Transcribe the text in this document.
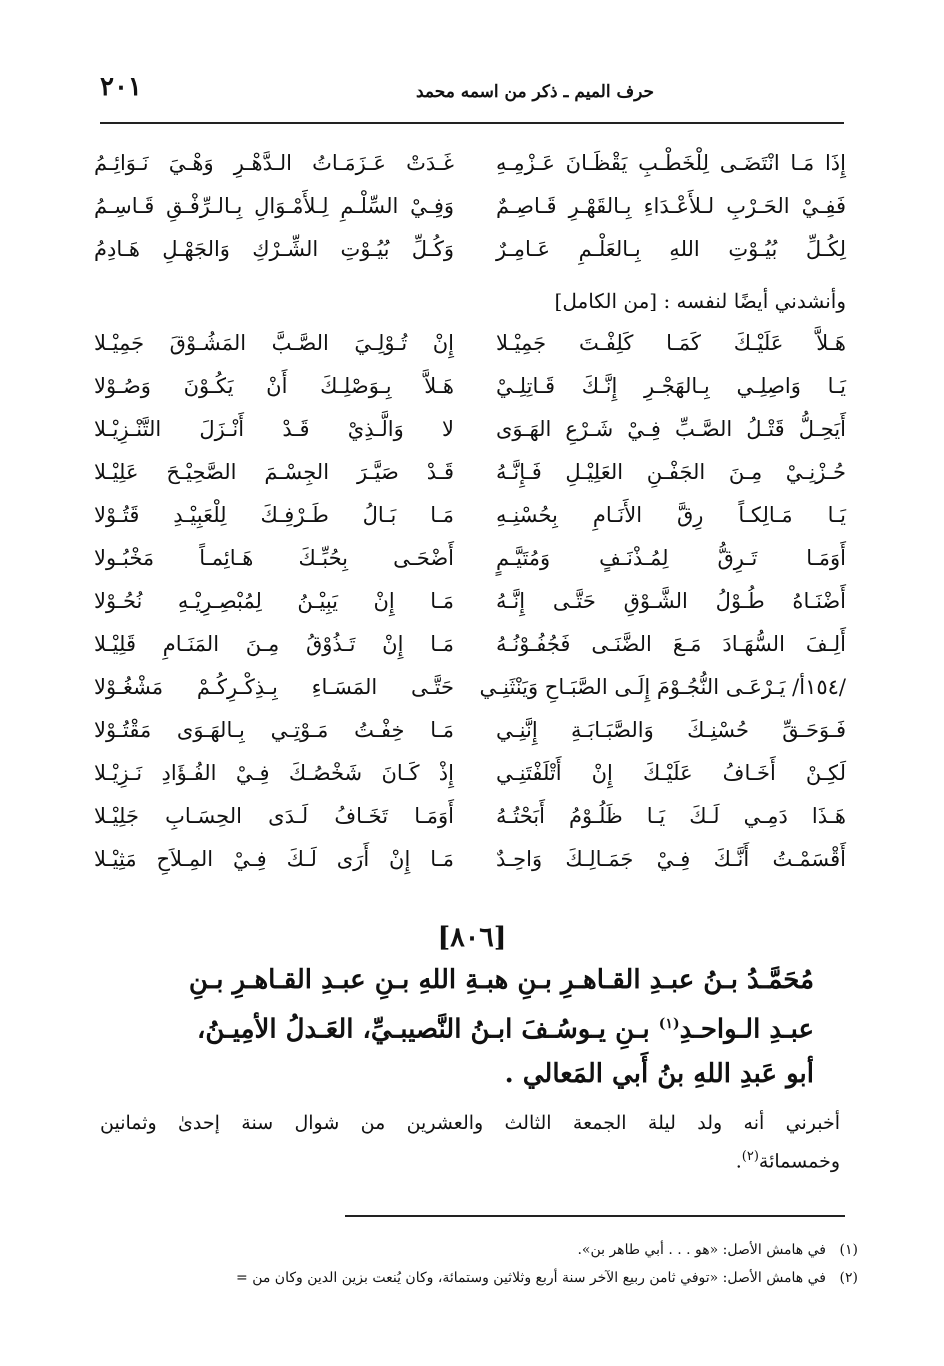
٢٠١	حرف الميم ـ ذكر من اسمه محمد
إِذَا مَـا انْتَضَـى لِلْخَطْـبِ يَقْظَـانَ عَـزْمِـهِ
فَفِـيْ الحَـرْبِ لـلأَعْـدَاءِ بِـالقَهْـرِ قَـاصِـمٌ
لِكُـلِّ بُيُـوْتِ اللهِ بِـالعَلْـمِ عَـامِـرٌ
غَـدَتْ عَـزَمَـاتُ الـدَّهْـرِ وَهْـيَ نَـوَائِـمُ
وَفِـيْ السِّلْـمِ لِـلأَمْـوَالِ بِـالـرِّفْـقِ قَـاسِـمُ
وَكُـلِّ بُيُـوْتِ الشِّـرْكِ وَالجَهْـلِ هَـادِمُ
وأنشدني أيضًا لنفسه : [من الكامل]
هَـلاَّ عَلَيْـكَ كَمَـا كَلِفْـتَ جَمِيْـلا
يَـا وَاصِلِـي بِـالهَجْـرِ إِنَّـكَ قَـاتِلِـيْ
أَيَحِـلُّ قَتْـلُ الصَّـبِّ فِـيْ شَـرْعِ الهَـوَى
حُـزْنِـيْ مِـنَ الجَفْـنِ العَلِيْـلِ فَـإِنَّـهُ
يَـا مَـالِكـاً رِقَّ الأَنَـامِ بِحُسْنِـهِ
أَوَمَـا تَـرِقُّ لِمُـذْنَـفٍ وَمُتَيَّـمٍ
أَضْنَـاهُ طُـوْلُ الشَّـوْقِ حَتَّـى إِنَّـهُ
أَلِـفَ السُّهَـادَ مَـعَ الضَّنَـى فَجُفُـوْنُـهُ
/١٥٤أ/ يَـرْعَـى النُّجُـوْمَ إِلَـى الصَّبَـاحِ وَيَنْثَنِـي
فَـوَحَـقِّ حُسْنِـكَ وَالصَّبَـابَـةِ إِنَّنِـي
لَكِـنْ أَخَـافُ عَلَيْـكَ إِنْ أَتْلَفْتَنِـي
هَـذَا دَمِـي لَـكَ يَـا ظَلُـوْمُ أَبَحْتُـهُ
أَقْسَمْـتُ أَنَّـكَ فِـيْ جَمَـالِـكَ وَاحِـدٌ
إِنْ تُـوْلِـيَ الصَّـبَّ المَشُـوْقَ جَمِيْـلا
هَـلاَّ بِـوَصْلِـكَ أَنْ يَكُـوْنَ وَصُـوْلا
لا وَالَّـذِيْ قَـدْ أَنْـزَلَ التَّنْـزِيْـلا
قَـدْ صَيَّـرَ الجِسْـمَ الصَّحِيْـحَ عَلِيْـلا
مَـا بَـالُ طَـرْفِـكَ لِلْعَبِيْـدِ قَتُـوْلا
أَضْحَـى بِحُبِّـكَ هَـائِمـاً مَخْبُـولا
مَـا إِنْ يَبِيْـنُ لِمُبْصِـرِيْـهِ نُحُـوْلا
مَـا إِنْ تَـذُوْقُ مِـنَ المَنَـامِ قَلِيْـلا
حَتَّـى المَسَـاءِ بِـذِكْـرِكُـمْ مَشْغُـوْلا
مَـا خِفْـتُ مَـوْتِـي بِـالهَـوَى مَقْتُـوْلا
إِذْ كَـانَ شَخْصُـكَ فِـيْ الفُـؤَادِ نَـزِيْـلا
أَوَمَـا تَخَـافُ لَـدَى الحِسَـابِ جَلِيْـلا
مَـا إِنْ أَرَى لَـكَ فِـيْ المِـلاَحِ مَثِيْـلا
[٨٠٦]
مُحَمَّـدُ بـنُ عبـدِ القـاهـرِ بـنِ هبـةِ اللهِ بـنِ عبـدِ القـاهـرِ بـنِ
عبـدِ الـواحـدِ$^{(١)}$ بـنِ يـوسُـفَ ابـنُ النَّصيبـيِّ، العَـدلُ الأمِيـنُ،
أبو عَبدِ اللهِ بنُ أَبي المَعالي .
أخبرني أنه ولد ليلة الجمعة الثالث والعشرين من شوال سنة إحدىٰ وثمانين
وخمسمائة$^{(٢)}$.
(١)في هامش الأصل: «هو . . . أبي طاهر بن».
(٢)في هامش الأصل: «توفي ثامن ربيع الآخر سنة أربع وثلاثين وستمائة، وكان يُنعت بزين الدين وكان من =
